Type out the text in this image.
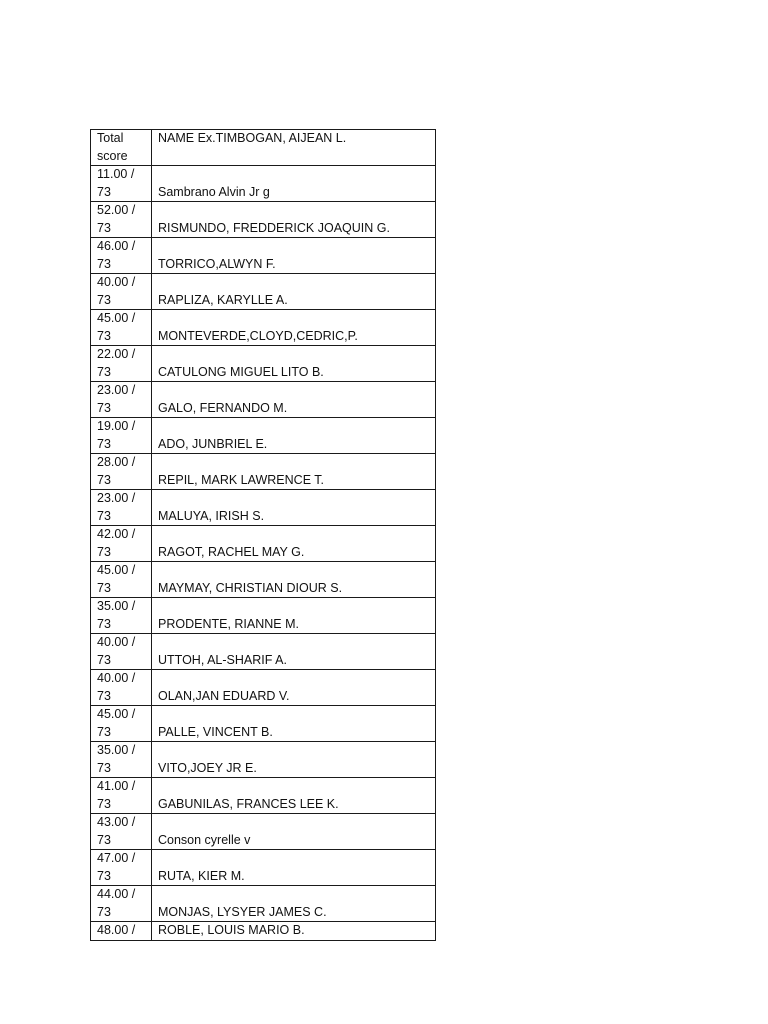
Total
score	NAME Ex.TIMBOGAN, AIJEAN L.

11.00 /
73	Sambrano Alvin Jr g

52.00 /
73	RISMUNDO, FREDDERICK JOAQUIN G.

46.00 /
73	TORRICO,ALWYN F.

40.00 /
73	RAPLIZA, KARYLLE A.

45.00 /
73	MONTEVERDE,CLOYD,CEDRIC,P.

22.00 /
73	CATULONG MIGUEL LITO B.

23.00 /
73	GALO, FERNANDO M.

19.00 /
73	ADO, JUNBRIEL E.

28.00 /
73	REPIL, MARK LAWRENCE T.

23.00 /
73	MALUYA, IRISH S.

42.00 /
73	RAGOT, RACHEL MAY G.

45.00 /
73	MAYMAY, CHRISTIAN DIOUR S.

35.00 /
73	PRODENTE, RIANNE M.

40.00 /
73	UTTOH, AL-SHARIF A.

40.00 /
73	OLAN,JAN EDUARD V.

45.00 /
73	PALLE, VINCENT B.

35.00 /
73	VITO,JOEY JR E.

41.00 /
73	GABUNILAS, FRANCES LEE K.

43.00 /
73	Conson cyrelle v

47.00 /
73	RUTA, KIER M.

44.00 /
73	MONJAS, LYSYER JAMES C.

48.00 /	ROBLE, LOUIS MARIO B.
